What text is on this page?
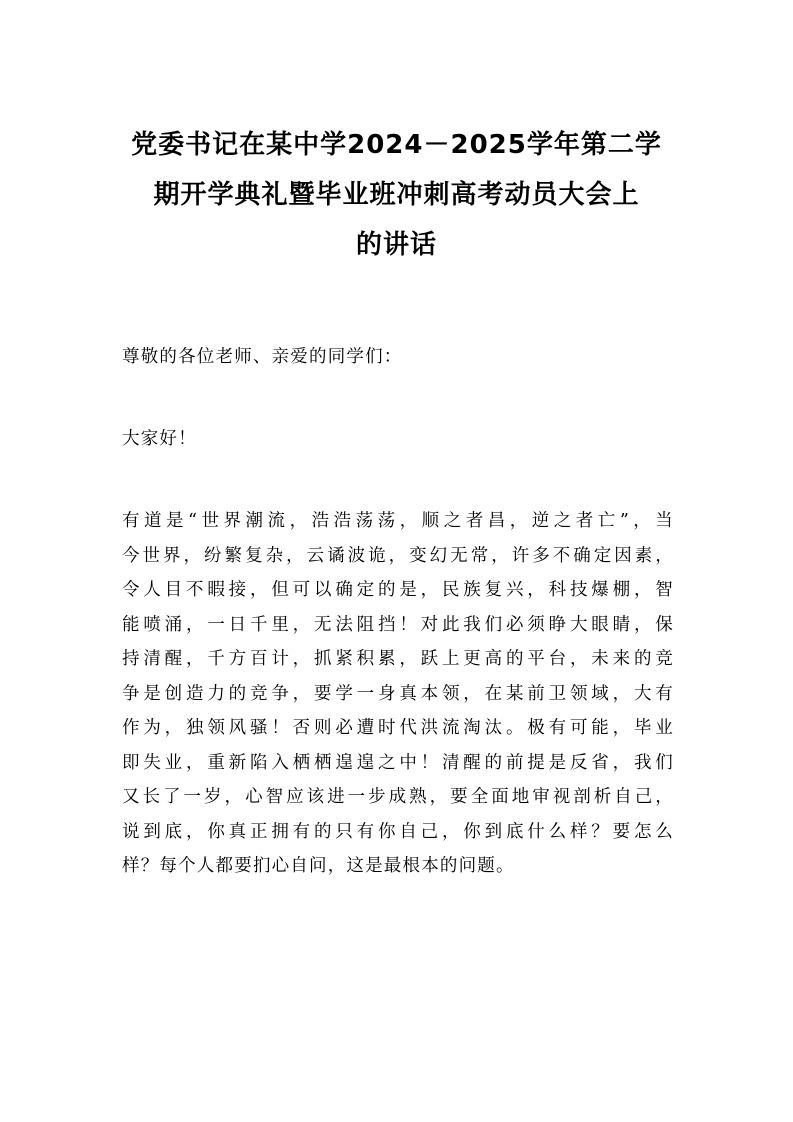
党委书记在某中学2024－2025学年第二学
期开学典礼暨毕业班冲刺高考动员大会上
的讲话
尊敬的各位老师、亲爱的同学们：
大家好！
有道是“世界潮流，浩浩荡荡，顺之者昌，逆之者亡”，当
今世界，纷繁复杂，云谲波诡，变幻无常，许多不确定因素，
令人目不暇接，但可以确定的是，民族复兴，科技爆棚，智
能喷涌，一日千里，无法阻挡！对此我们必须睁大眼睛，保
持清醒，千方百计，抓紧积累，跃上更高的平台，未来的竞
争是创造力的竞争，要学一身真本领，在某前卫领域，大有
作为，独领风骚！否则必遭时代洪流淘汰。极有可能，毕业
即失业，重新陷入栖栖遑遑之中！清醒的前提是反省，我们
又长了一岁，心智应该进一步成熟，要全面地审视剖析自己，
说到底，你真正拥有的只有你自己，你到底什么样？要怎么
样？每个人都要扪心自问，这是最根本的问题。
